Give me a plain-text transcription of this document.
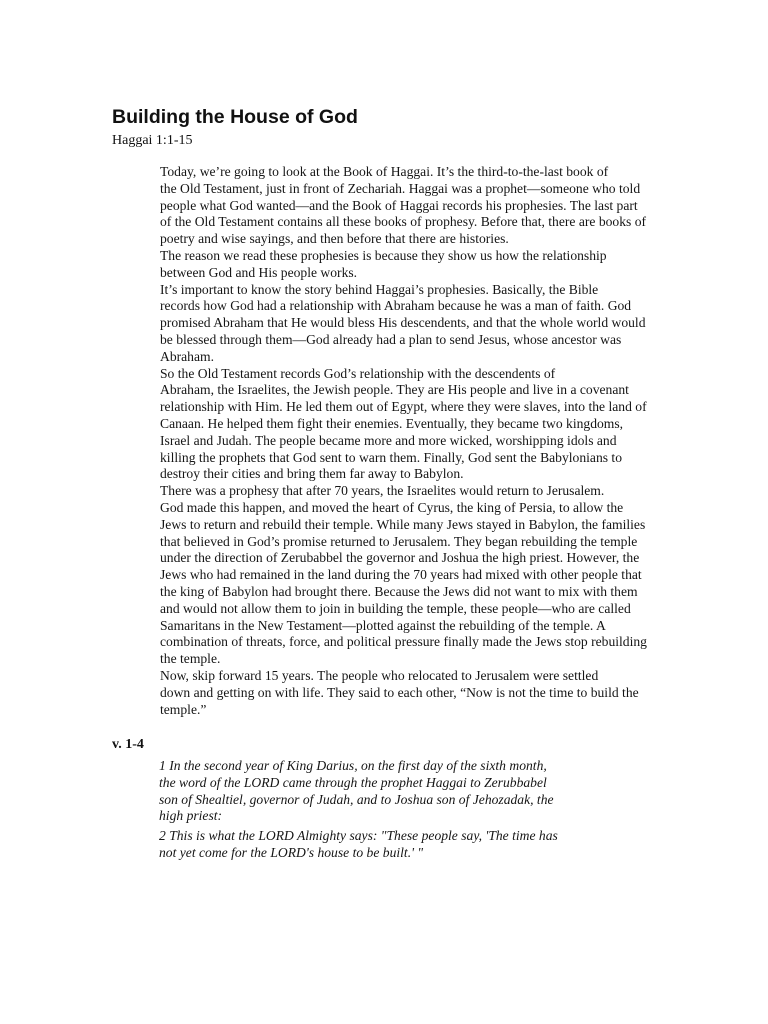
Building the House of God
Haggai 1:1-15

Today, we’re going to look at the Book of Haggai. It’s the third-to-the-last book of
the Old Testament, just in front of Zechariah. Haggai was a prophet—someone who told
people what God wanted—and the Book of Haggai records his prophesies. The last part
of the Old Testament contains all these books of prophesy. Before that, there are books of
poetry and wise sayings, and then before that there are histories.

The reason we read these prophesies is because they show us how the relationship
between God and His people works.

It’s important to know the story behind Haggai’s prophesies. Basically, the Bible
records how God had a relationship with Abraham because he was a man of faith. God
promised Abraham that He would bless His descendents, and that the whole world would
be blessed through them—God already had a plan to send Jesus, whose ancestor was
Abraham.

So the Old Testament records God’s relationship with the descendents of
Abraham, the Israelites, the Jewish people. They are His people and live in a covenant
relationship with Him. He led them out of Egypt, where they were slaves, into the land of
Canaan. He helped them fight their enemies. Eventually, they became two kingdoms,
Israel and Judah. The people became more and more wicked, worshipping idols and
killing the prophets that God sent to warn them. Finally, God sent the Babylonians to
destroy their cities and bring them far away to Babylon.

There was a prophesy that after 70 years, the Israelites would return to Jerusalem.
God made this happen, and moved the heart of Cyrus, the king of Persia, to allow the
Jews to return and rebuild their temple. While many Jews stayed in Babylon, the families
that believed in God’s promise returned to Jerusalem. They began rebuilding the temple
under the direction of Zerubabbel the governor and Joshua the high priest. However, the
Jews who had remained in the land during the 70 years had mixed with other people that
the king of Babylon had brought there. Because the Jews did not want to mix with them
and would not allow them to join in building the temple, these people—who are called
Samaritans in the New Testament—plotted against the rebuilding of the temple. A
combination of threats, force, and political pressure finally made the Jews stop rebuilding
the temple.

Now, skip forward 15 years. The people who relocated to Jerusalem were settled
down and getting on with life. They said to each other, “Now is not the time to build the
temple.”

v. 1-4

1 In the second year of King Darius, on the first day of the sixth month,
the word of the LORD came through the prophet Haggai to Zerubbabel
son of Shealtiel, governor of Judah, and to Joshua son of Jehozadak, the
high priest:

2 This is what the LORD Almighty says: "These people say, 'The time has
not yet come for the LORD's house to be built.' "
